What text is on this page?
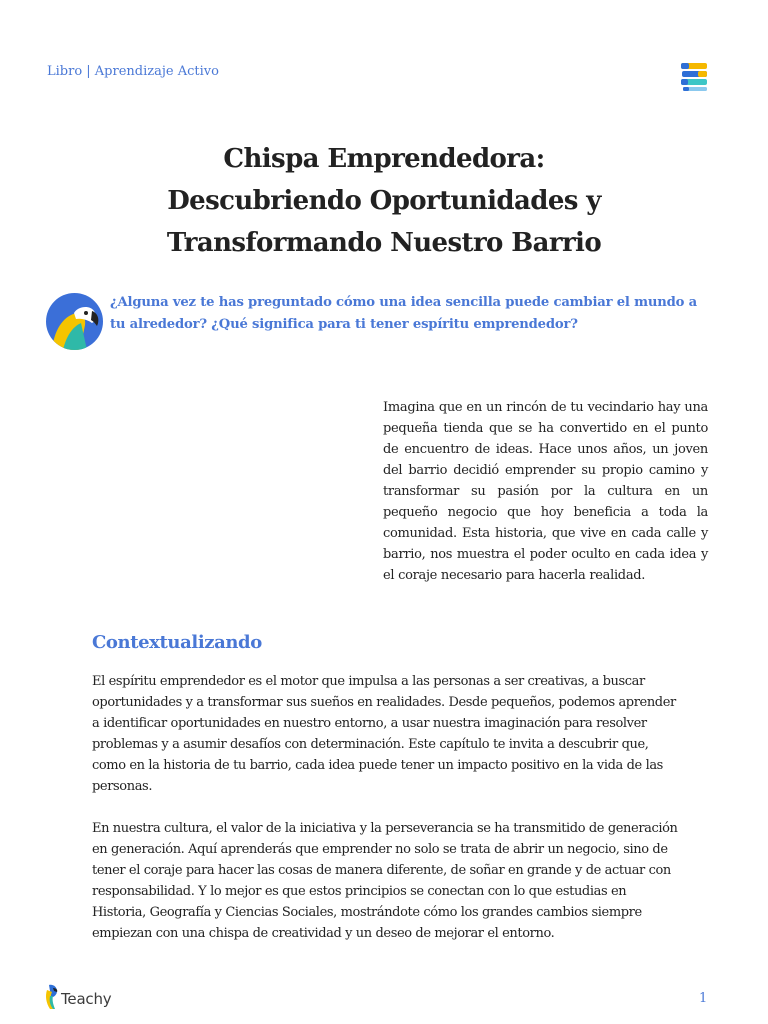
Libro | Aprendizaje Activo
Chispa Emprendedora:
Descubriendo Oportunidades y
Transformando Nuestro Barrio
¿Alguna vez te has preguntado cómo una idea sencilla puede cambiar el mundo a tu alrededor? ¿Qué significa para ti tener espíritu emprendedor?
Imagina que en un rincón de tu vecindario hay una pequeña tienda que se ha convertido en el punto de encuentro de ideas. Hace unos años, un joven del barrio decidió emprender su propio camino y transformar su pasión por la cultura en un pequeño negocio que hoy beneficia a toda la comunidad. Esta historia, que vive en cada calle y barrio, nos muestra el poder oculto en cada idea y el coraje necesario para hacerla realidad.
Contextualizando
El espíritu emprendedor es el motor que impulsa a las personas a ser creativas, a buscar oportunidades y a transformar sus sueños en realidades. Desde pequeños, podemos aprender a identificar oportunidades en nuestro entorno, a usar nuestra imaginación para resolver problemas y a asumir desafíos con determinación. Este capítulo te invita a descubrir que, como en la historia de tu barrio, cada idea puede tener un impacto positivo en la vida de las personas.
En nuestra cultura, el valor de la iniciativa y la perseverancia se ha transmitido de generación en generación. Aquí aprenderás que emprender no solo se trata de abrir un negocio, sino de tener el coraje para hacer las cosas de manera diferente, de soñar en grande y de actuar con responsabilidad. Y lo mejor es que estos principios se conectan con lo que estudias en Historia, Geografía y Ciencias Sociales, mostrándote cómo los grandes cambios siempre empiezan con una chispa de creatividad y un deseo de mejorar el entorno.
Teachy	1
